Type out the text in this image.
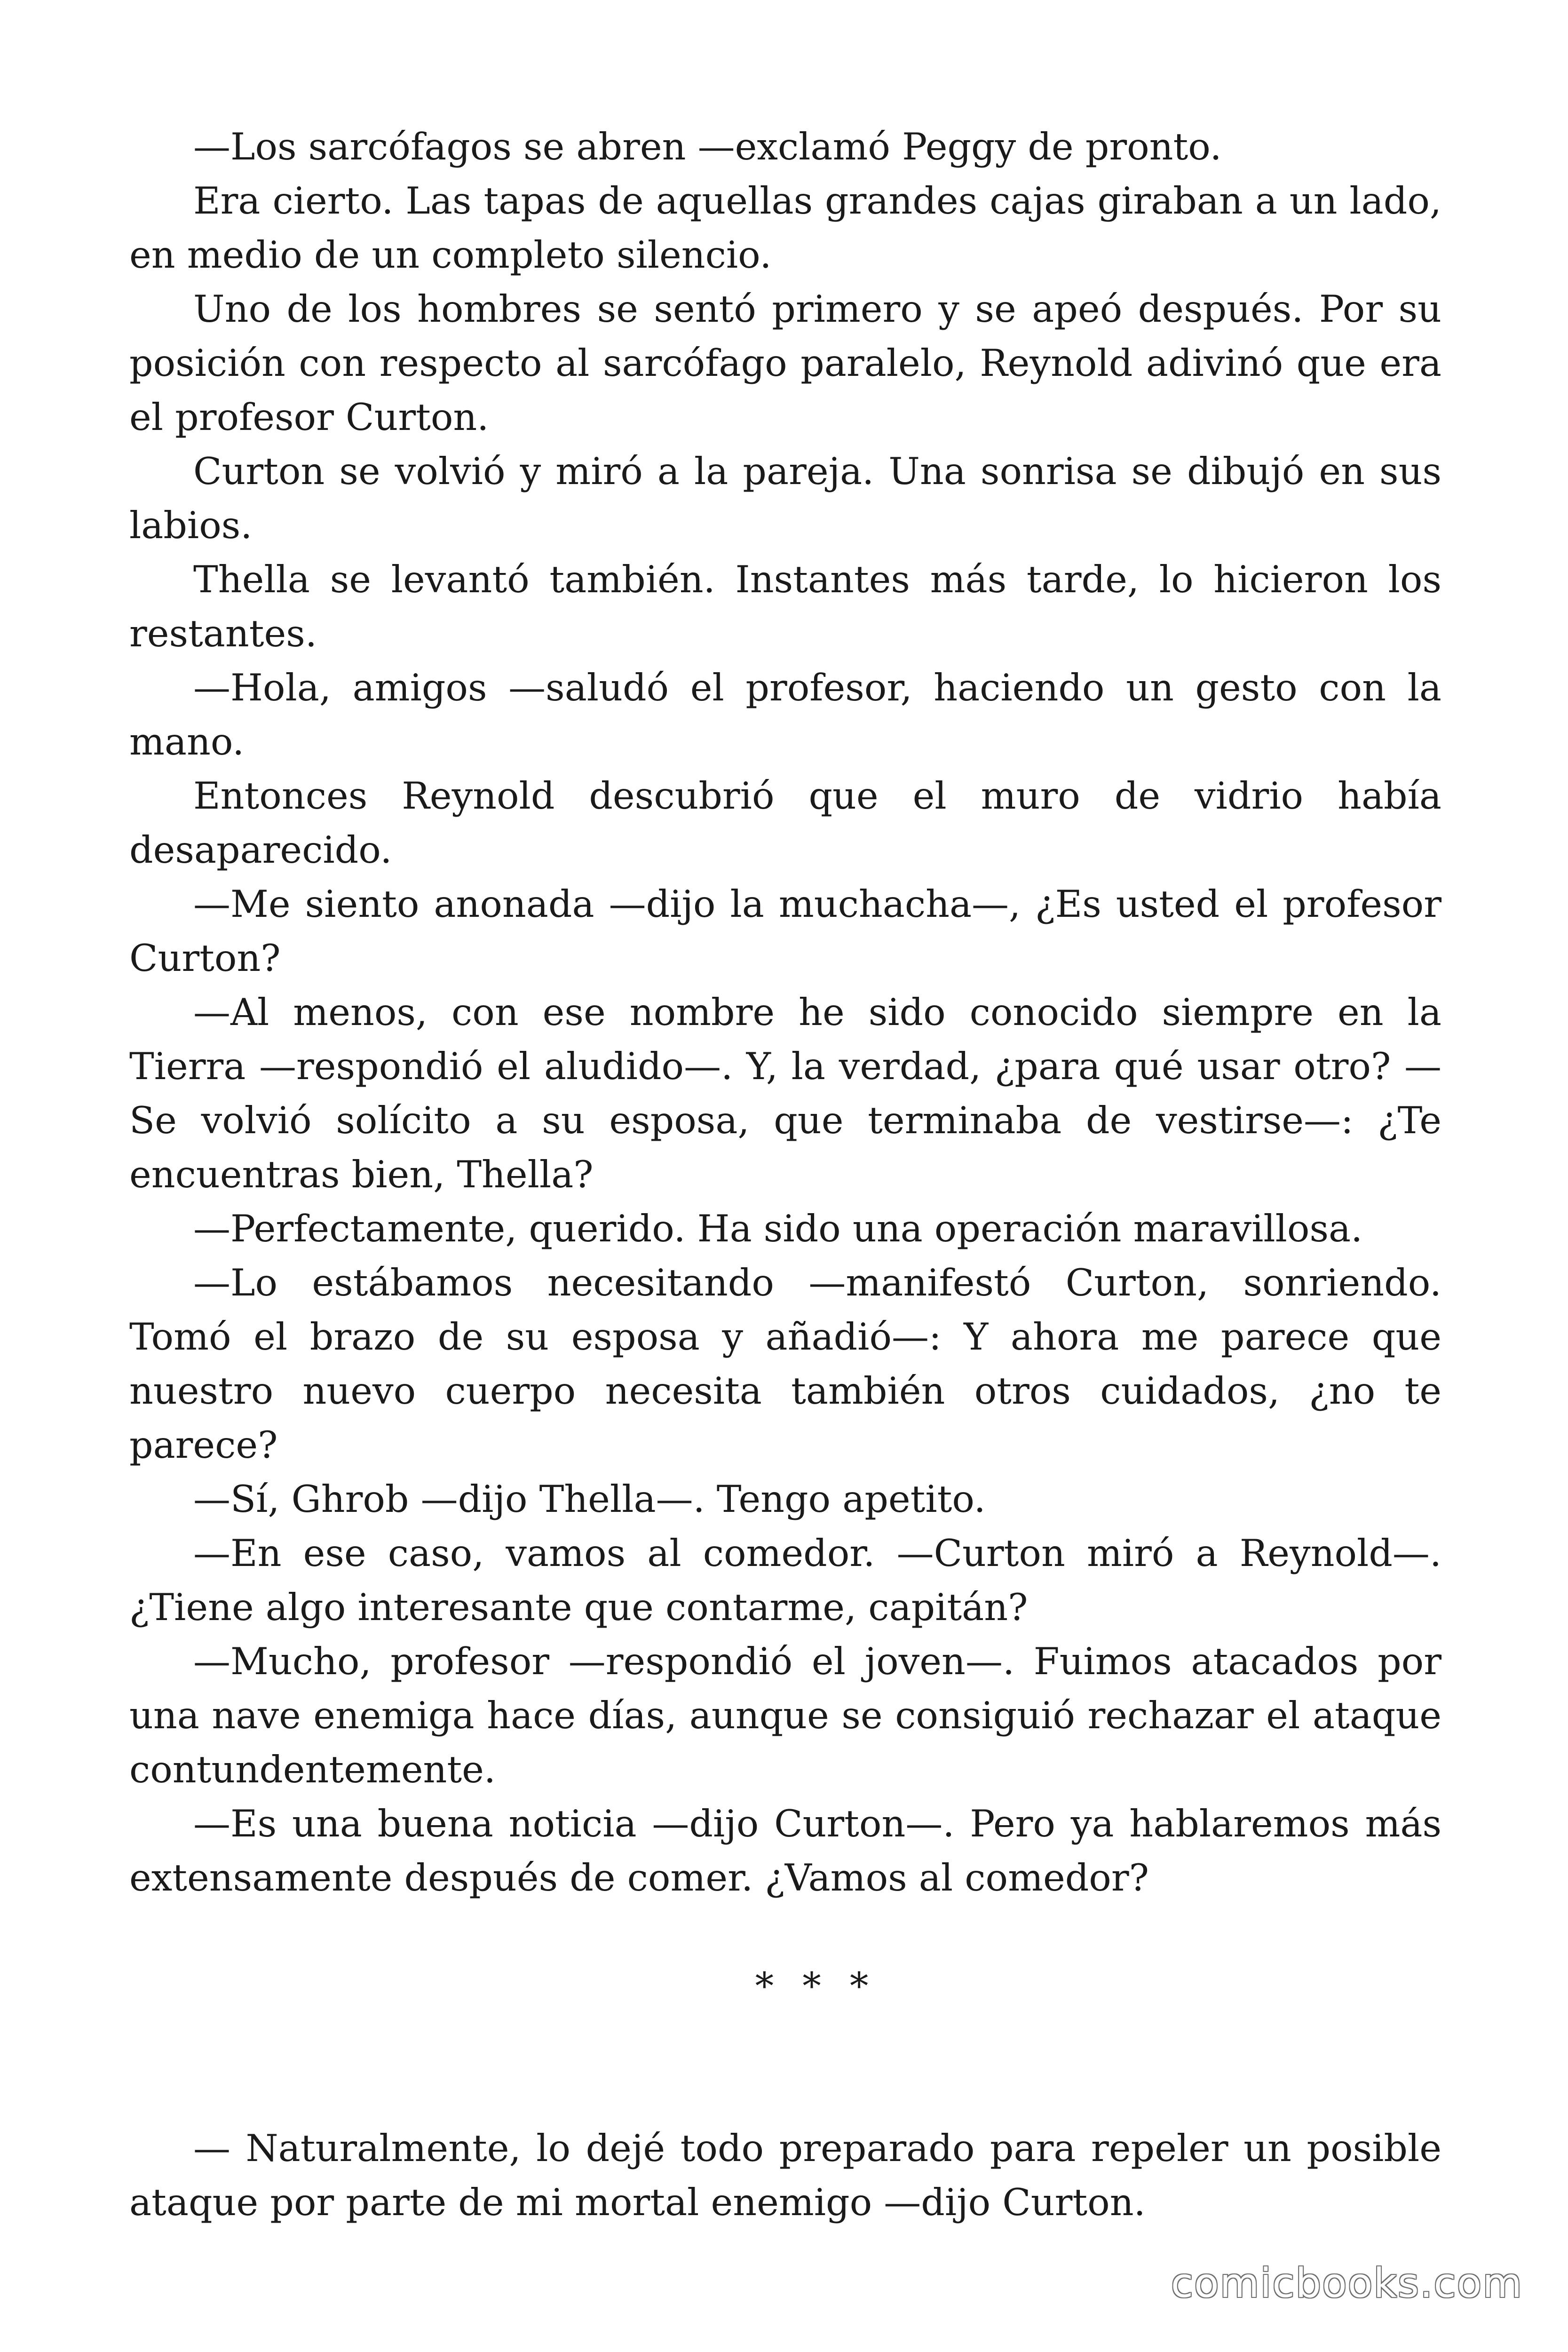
—Los sarcófagos se abren —exclamó Peggy de pronto.

Era cierto. Las tapas de aquellas grandes cajas giraban a un lado, en medio de un completo silencio.

Uno de los hombres se sentó primero y se apeó después. Por su posición con respecto al sarcófago paralelo, Reynold adivinó que era el profesor Curton.

Curton se volvió y miró a la pareja. Una sonrisa se dibujó en sus labios.

Thella se levantó también. Instantes más tarde, lo hicieron los restantes.

—Hola, amigos —saludó el profesor, haciendo un gesto con la mano.

Entonces Reynold descubrió que el muro de vidrio había desaparecido.

—Me siento anonada —dijo la muchacha—, ¿Es usted el profesor Curton?

—Al menos, con ese nombre he sido conocido siempre en la Tierra —respondió el aludido—. Y, la verdad, ¿para qué usar otro? —Se volvió solícito a su esposa, que terminaba de vestirse—: ¿Te encuentras bien, Thella?

—Perfectamente, querido. Ha sido una operación maravillosa.

—Lo estábamos necesitando —manifestó Curton, sonriendo. Tomó el brazo de su esposa y añadió—: Y ahora me parece que nuestro nuevo cuerpo necesita también otros cuidados, ¿no te parece?

—Sí, Ghrob —dijo Thella—. Tengo apetito.

—En ese caso, vamos al comedor. —Curton miró a Reynold—. ¿Tiene algo interesante que contarme, capitán?

—Mucho, profesor —respondió el joven—. Fuimos atacados por una nave enemiga hace días, aunque se consiguió rechazar el ataque contundentemente.

—Es una buena noticia —dijo Curton—. Pero ya hablaremos más extensamente después de comer. ¿Vamos al comedor?

* * *

— Naturalmente, lo dejé todo preparado para repeler un posible ataque por parte de mi mortal enemigo —dijo Curton.

comicbooks.com
